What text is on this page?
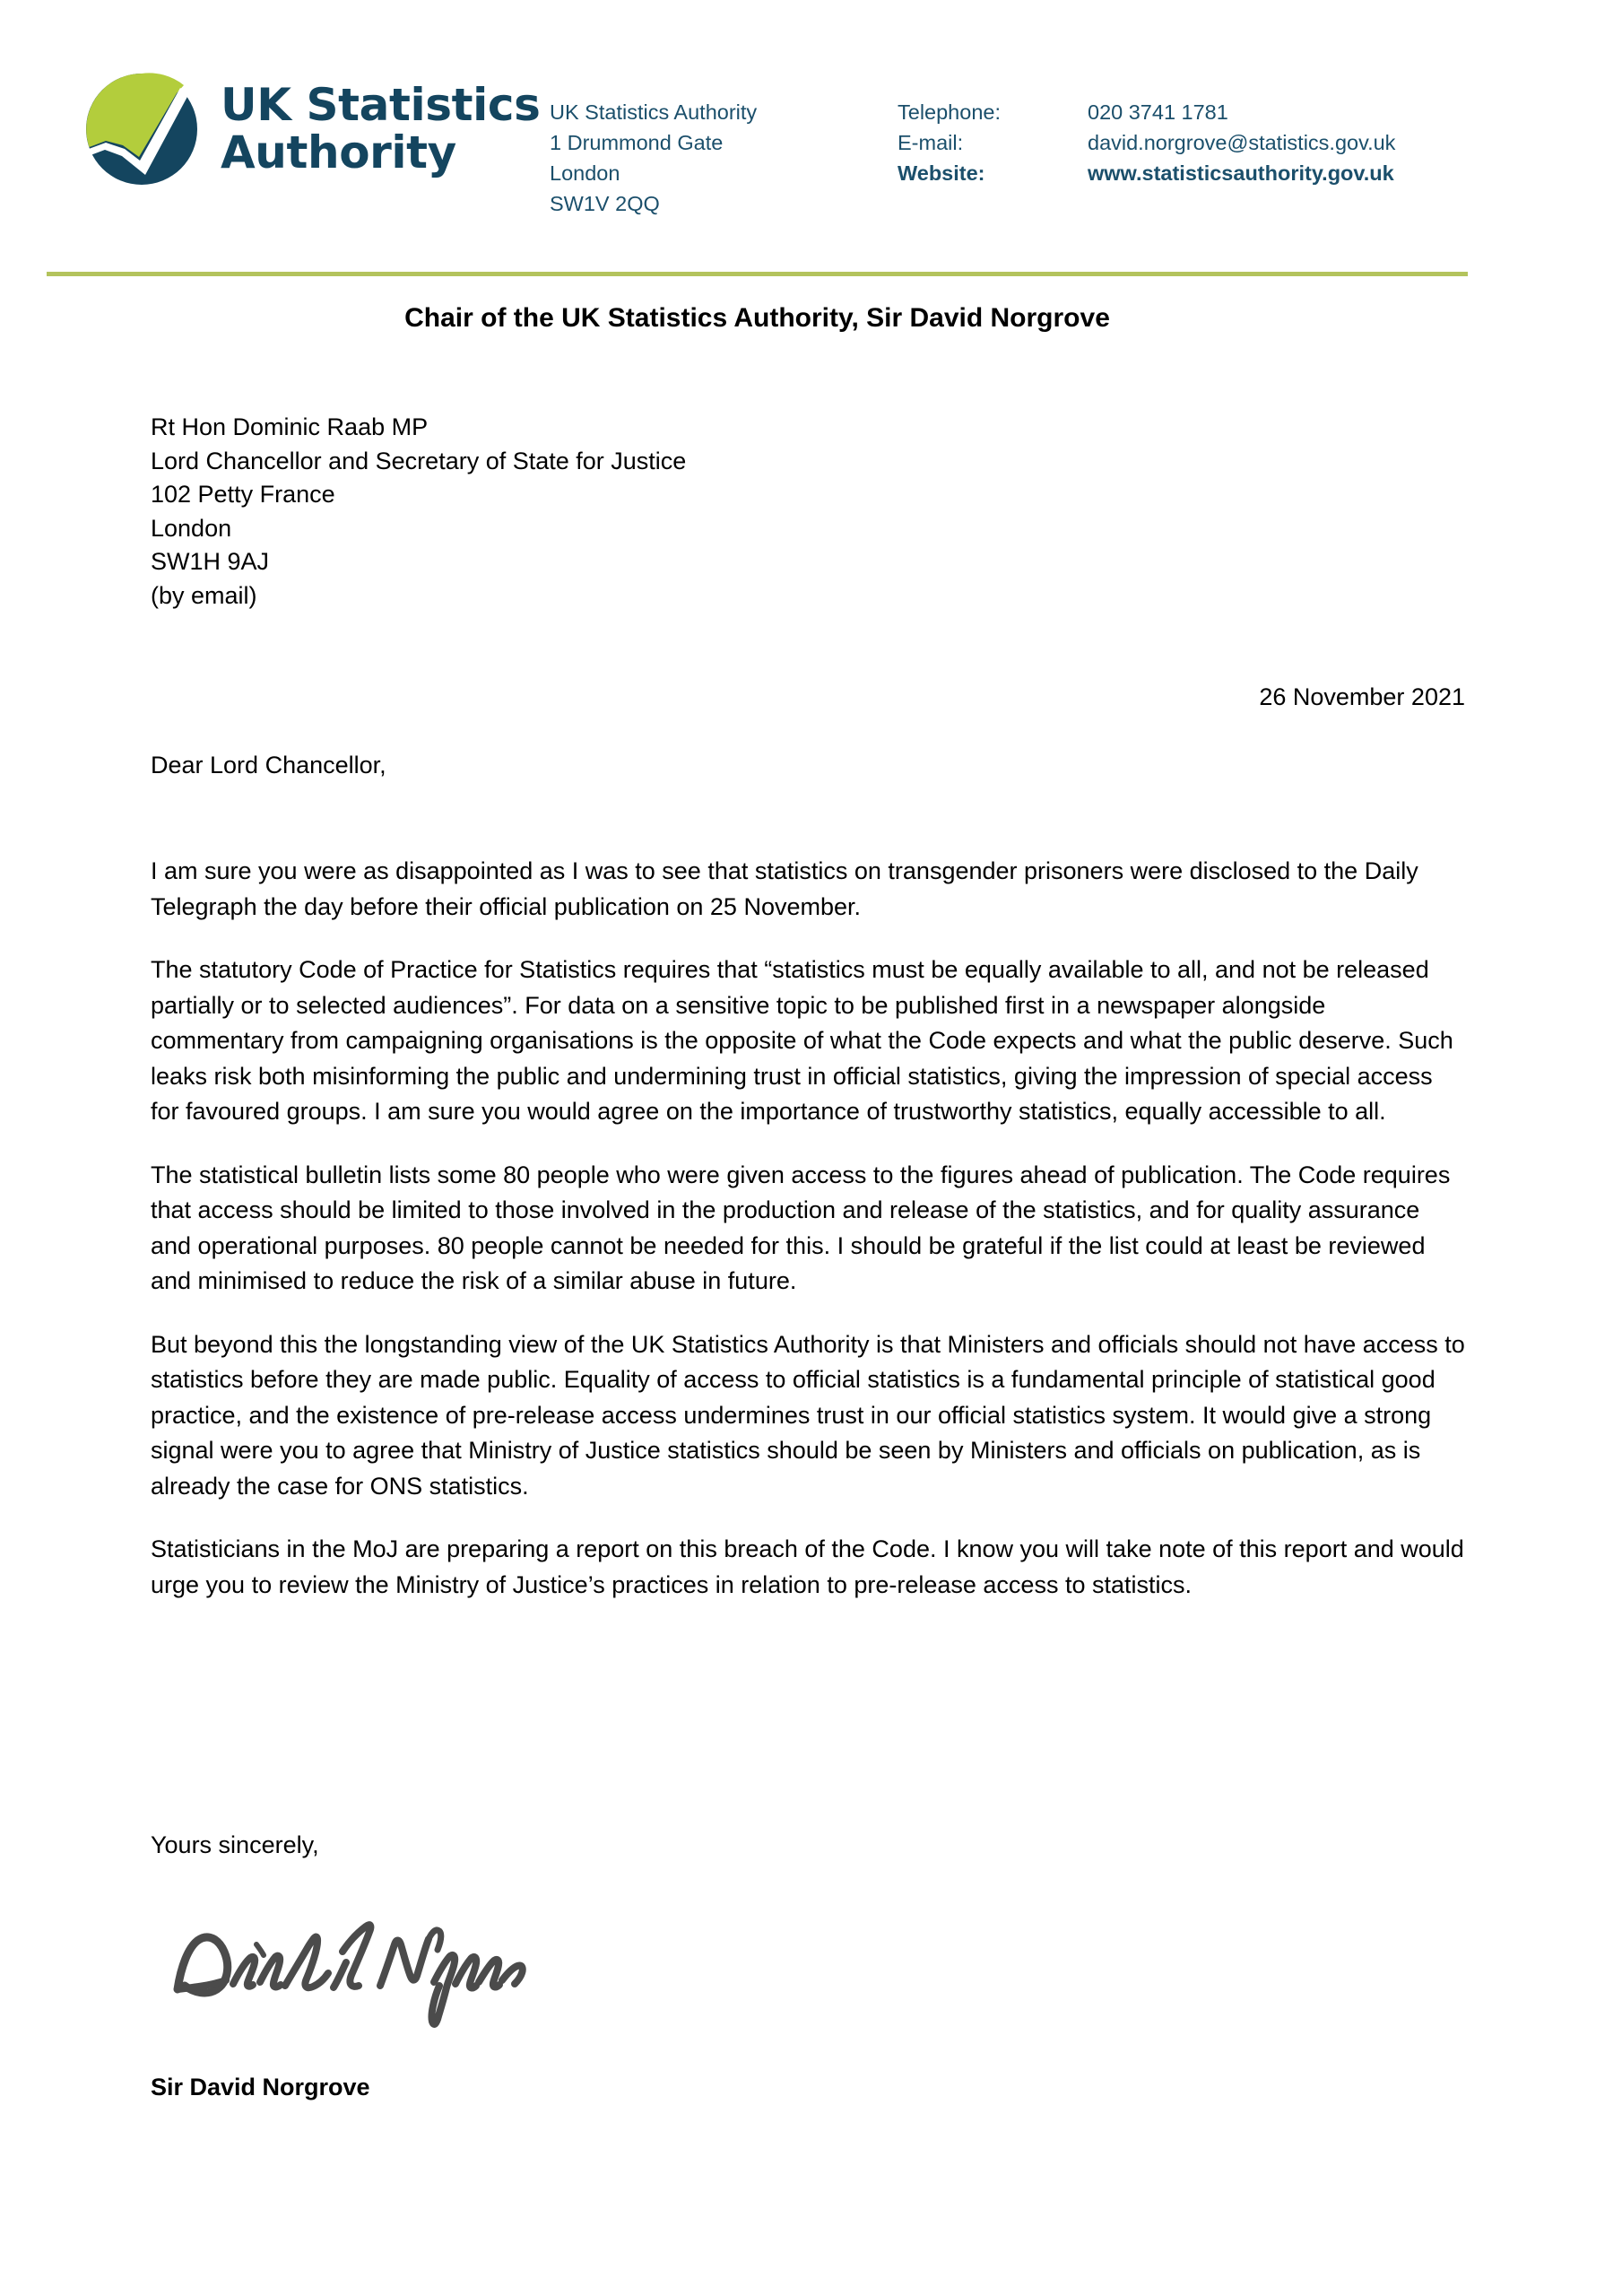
UK Statistics
Authority
UK Statistics Authority
1 Drummond Gate
London
SW1V 2QQ
Telephone:	020 3741 1781
E-mail:	david.norgrove@statistics.gov.uk
Website:	www.statisticsauthority.gov.uk
Chair of the UK Statistics Authority, Sir David Norgrove
Rt Hon Dominic Raab MP
Lord Chancellor and Secretary of State for Justice
102 Petty France
London
SW1H 9AJ
(by email)
26 November 2021
Dear Lord Chancellor,

I am sure you were as disappointed as I was to see that statistics on transgender prisoners were disclosed to the Daily Telegraph the day before their official publication on 25 November.

The statutory Code of Practice for Statistics requires that “statistics must be equally available to all, and not be released partially or to selected audiences”. For data on a sensitive topic to be published first in a newspaper alongside commentary from campaigning organisations is the opposite of what the Code expects and what the public deserve. Such leaks risk both misinforming the public and undermining trust in official statistics, giving the impression of special access for favoured groups. I am sure you would agree on the importance of trustworthy statistics, equally accessible to all.

The statistical bulletin lists some 80 people who were given access to the figures ahead of publication. The Code requires that access should be limited to those involved in the production and release of the statistics, and for quality assurance and operational purposes. 80 people cannot be needed for this. I should be grateful if the list could at least be reviewed and minimised to reduce the risk of a similar abuse in future.

But beyond this the longstanding view of the UK Statistics Authority is that Ministers and officials should not have access to statistics before they are made public. Equality of access to official statistics is a fundamental principle of statistical good practice, and the existence of pre-release access undermines trust in our official statistics system. It would give a strong signal were you to agree that Ministry of Justice statistics should be seen by Ministers and officials on publication, as is already the case for ONS statistics.

Statisticians in the MoJ are preparing a report on this breach of the Code. I know you will take note of this report and would urge you to review the Ministry of Justice’s practices in relation to pre-release access to statistics.

Yours sincerely,
Sir David Norgrove
